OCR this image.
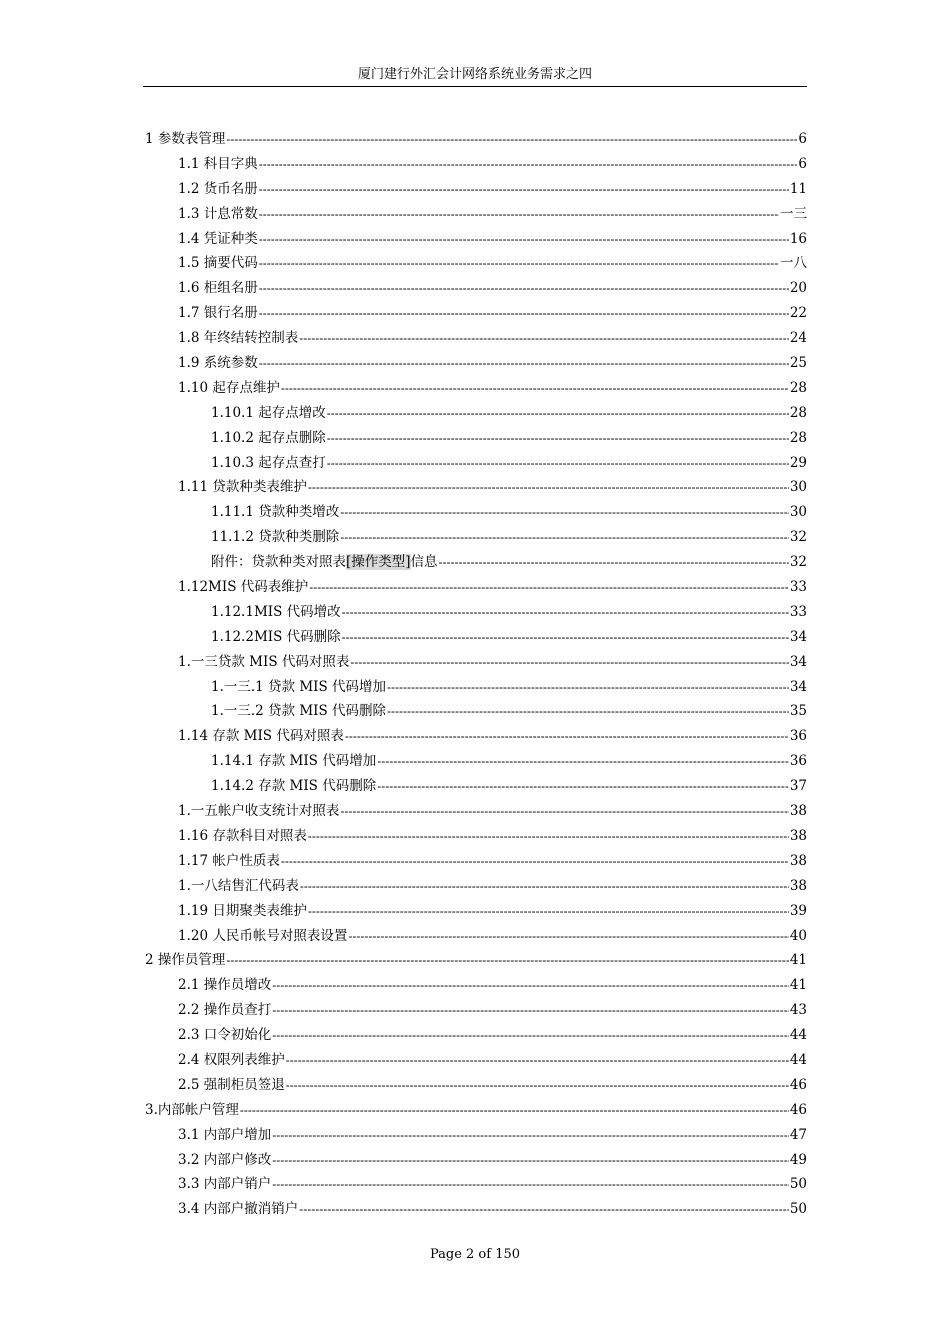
厦门建行外汇会计网络系统业务需求之四
1 参数表管理 -----	6
1.1 科目字典 -----	6
1.2 货币名册 -----	11
1.3 计息常数 -----	一三
1.4 凭证种类 -----	16
1.5 摘要代码 -----	一八
1.6 柜组名册 -----	20
1.7 银行名册 -----	22
1.8 年终结转控制表 -----	24
1.9 系统参数 -----	25
1.10 起存点维护 -----	28
1.10.1 起存点增改 -----	28
1.10.2 起存点删除 -----	28
1.10.3 起存点查打 -----	29
1.11 贷款种类表维护 -----	30
1.11.1 贷款种类增改 -----	30
11.1.2 贷款种类删除 -----	32
附件：贷款种类对照表[操作类型]信息 -----	32
1.12MIS 代码表维护 -----	33
1.12.1MIS 代码增改 -----	33
1.12.2MIS 代码删除 -----	34
1.一三贷款 MIS 代码对照表 -----	34
1.一三.1 贷款 MIS 代码增加 -----	34
1.一三.2 贷款 MIS 代码删除 -----	35
1.14 存款 MIS 代码对照表 -----	36
1.14.1 存款 MIS 代码增加 -----	36
1.14.2 存款 MIS 代码删除 -----	37
1.一五帐户收支统计对照表 -----	38
1.16 存款科目对照表 -----	38
1.17 帐户性质表 -----	38
1.一八结售汇代码表 -----	38
1.19 日期聚类表维护 -----	39
1.20 人民币帐号对照表设置 -----	40
2 操作员管理 -----	41
2.1 操作员增改 -----	41
2.2 操作员查打 -----	43
2.3 口令初始化 -----	44
2.4 权限列表维护 -----	44
2.5 强制柜员签退 -----	46
3.内部帐户管理 -----	46
3.1 内部户增加 -----	47
3.2 内部户修改 -----	49
3.3 内部户销户 -----	50
3.4 内部户撤消销户 -----	50
Page 2 of 150
